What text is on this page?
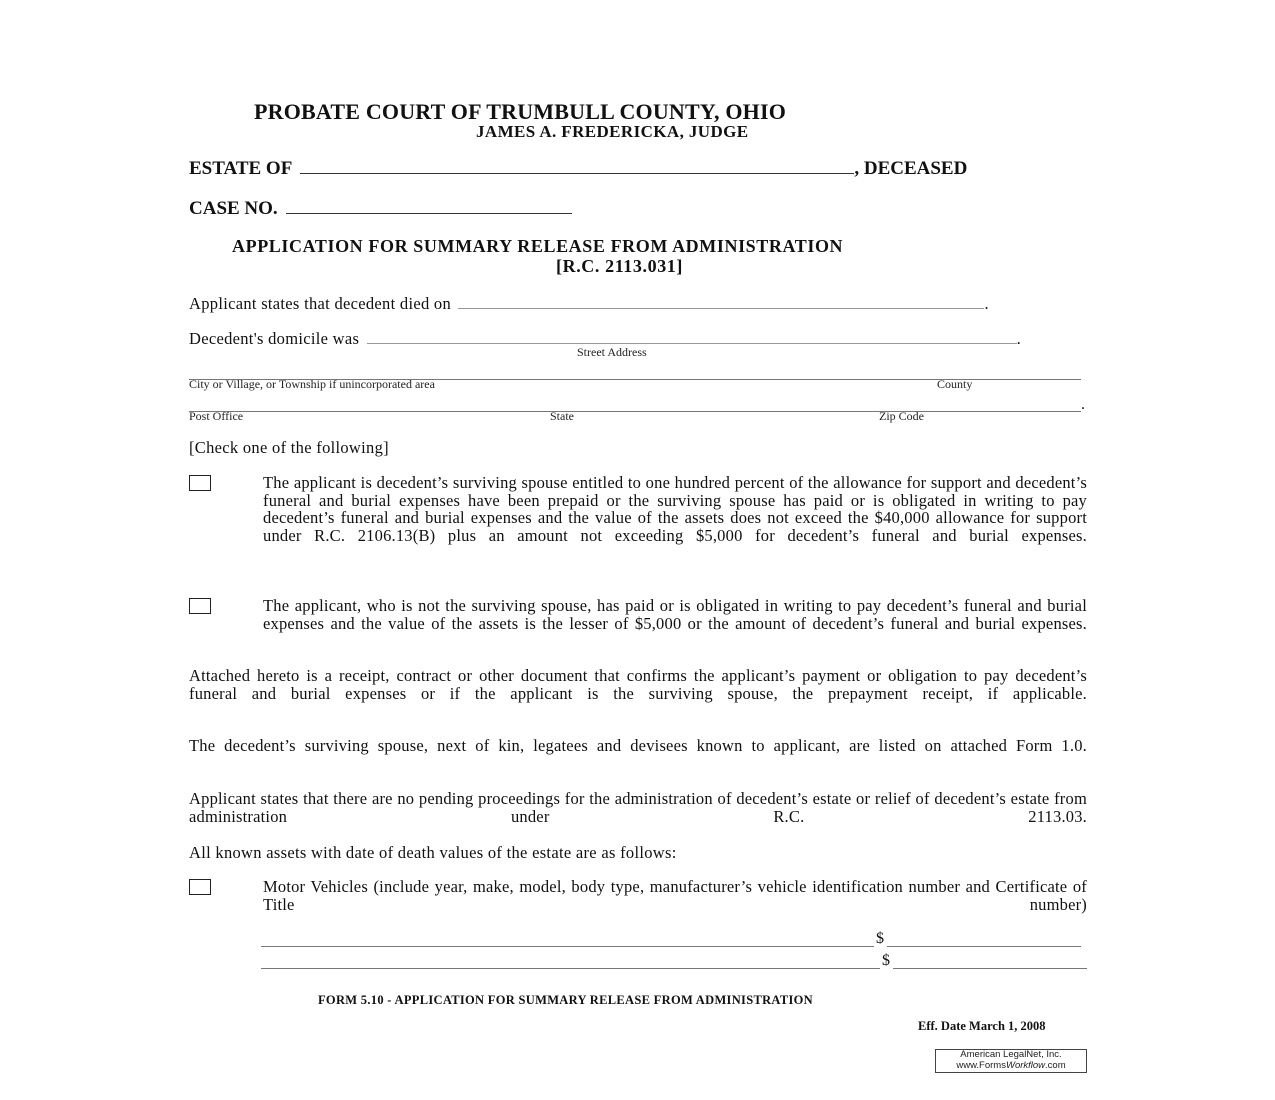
PROBATE COURT OF TRUMBULL COUNTY, OHIO
JAMES A. FREDERICKA, JUDGE
ESTATE OF	, DECEASED
CASE NO.
APPLICATION FOR SUMMARY RELEASE FROM ADMINISTRATION
[R.C. 2113.031]
Applicant states that decedent died on	.
Decedent's domicile was	.
Street Address
City or Village, or Township if unincorporated area	County
.
Post Office	State	Zip Code
[Check one of the following]
The applicant is decedent’s surviving spouse entitled to one hundred percent of the allowance for support and decedent’s funeral and burial expenses have been prepaid or the surviving spouse has paid or is obligated in writing to pay decedent’s funeral and burial expenses and the value of the assets does not exceed the $40,000 allowance for support under R.C. 2106.13(B) plus an amount not exceeding $5,000 for decedent’s funeral and burial expenses.
The applicant, who is not the surviving spouse, has paid or is obligated in writing to pay decedent’s funeral and burial expenses and the value of the assets is the lesser of $5,000 or the amount of decedent’s funeral and burial expenses.
Attached hereto is a receipt, contract or other document that confirms the applicant’s payment or obligation to pay decedent’s funeral and burial expenses or if the applicant is the surviving spouse, the prepayment receipt, if applicable.
The decedent’s surviving spouse, next of kin, legatees and devisees known to applicant, are listed on attached Form 1.0.
Applicant states that there are no pending proceedings for the administration of decedent’s estate or relief of decedent’s estate from administration under R.C. 2113.03.
All known assets with date of death values of the estate are as follows:
Motor Vehicles (include year, make, model, body type, manufacturer’s vehicle identification number and Certificate of Title number)
$
$
FORM 5.10 - APPLICATION FOR SUMMARY RELEASE FROM ADMINISTRATION
Eff. Date March 1, 2008
American LegalNet, Inc.
www.FormsWorkflow.com
